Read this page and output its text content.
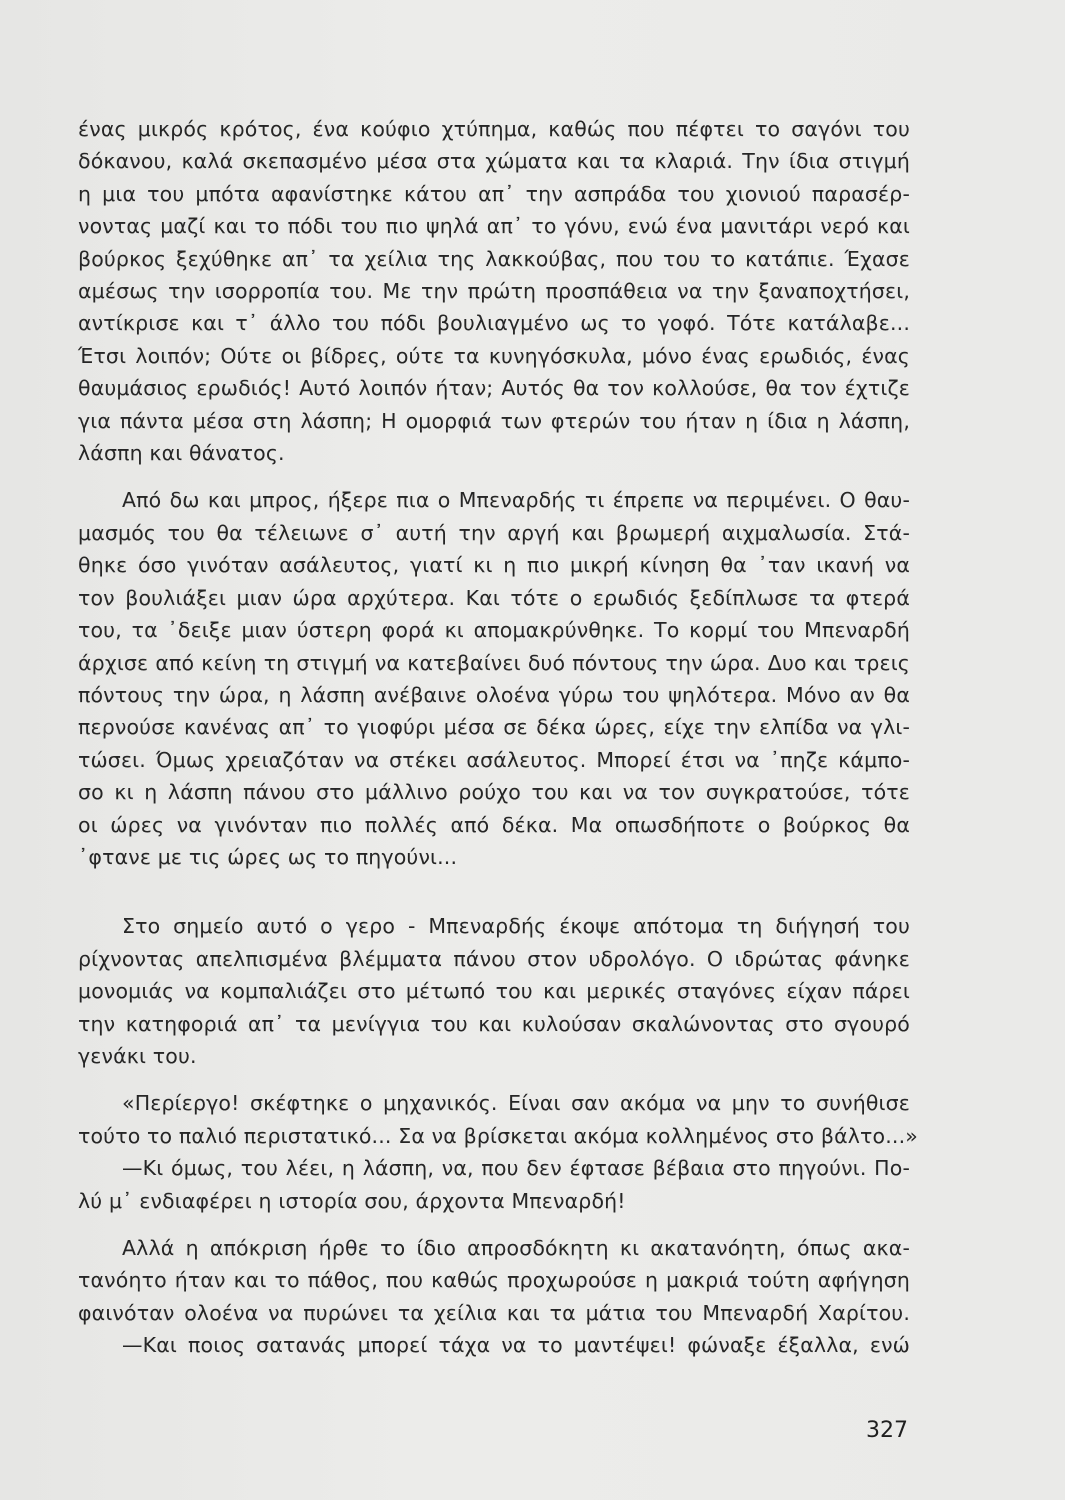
ένας μικρός κρότος, ένα κούφιο χτύπημα, καθώς που πέφτει το σαγόνι του
δόκανου, καλά σκεπασμένο μέσα στα χώματα και τα κλαριά. Την ίδια στιγμή
η μια του μπότα αφανίστηκε κάτου απ᾽ την ασπράδα του χιονιού παρασέρ-
νοντας μαζί και το πόδι του πιο ψηλά απ᾽ το γόνυ, ενώ ένα μανιτάρι νερό και
βούρκος ξεχύθηκε απ᾽ τα χείλια της λακκούβας, που του το κατάπιε. Έχασε
αμέσως την ισορροπία του. Με την πρώτη προσπάθεια να την ξαναποχτήσει,
αντίκρισε και τ᾽ άλλο του πόδι βουλιαγμένο ως το γοφό. Τότε κατάλαβε...
Έτσι λοιπόν; Ούτε οι βίδρες, ούτε τα κυνηγόσκυλα, μόνο ένας ερωδιός, ένας
θαυμάσιος ερωδιός! Αυτό λοιπόν ήταν; Αυτός θα τον κολλούσε, θα τον έχτιζε
για πάντα μέσα στη λάσπη; Η ομορφιά των φτερών του ήταν η ίδια η λάσπη,
λάσπη και θάνατος.

Από δω και μπρος, ήξερε πια ο Μπεναρδής τι έπρεπε να περιμένει. Ο θαυ-
μασμός του θα τέλειωνε σ᾽ αυτή την αργή και βρωμερή αιχμαλωσία. Στά-
θηκε όσο γινόταν ασάλευτος, γιατί κι η πιο μικρή κίνηση θα ᾽ταν ικανή να
τον βουλιάξει μιαν ώρα αρχύτερα. Και τότε ο ερωδιός ξεδίπλωσε τα φτερά
του, τα ᾽δειξε μιαν ύστερη φορά κι απομακρύνθηκε. Το κορμί του Μπεναρδή
άρχισε από κείνη τη στιγμή να κατεβαίνει δυό πόντους την ώρα. Δυο και τρεις
πόντους την ώρα, η λάσπη ανέβαινε ολοένα γύρω του ψηλότερα. Μόνο αν θα
περνούσε κανένας απ᾽ το γιοφύρι μέσα σε δέκα ώρες, είχε την ελπίδα να γλι-
τώσει. Όμως χρειαζόταν να στέκει ασάλευτος. Μπορεί έτσι να ᾽πηζε κάμπο-
σο κι η λάσπη πάνου στο μάλλινο ρούχο του και να τον συγκρατούσε, τότε
οι ώρες να γινόνταν πιο πολλές από δέκα. Μα οπωσδήποτε ο βούρκος θα
᾽φτανε με τις ώρες ως το πηγούνι...

Στο σημείο αυτό ο γερο - Μπεναρδής έκοψε απότομα τη διήγησή του
ρίχνοντας απελπισμένα βλέμματα πάνου στον υδρολόγο. Ο ιδρώτας φάνηκε
μονομιάς να κομπαλιάζει στο μέτωπό του και μερικές σταγόνες είχαν πάρει
την κατηφοριά απ᾽ τα μενίγγια του και κυλούσαν σκαλώνοντας στο σγουρό
γενάκι του.

«Περίεργο! σκέφτηκε ο μηχανικός. Είναι σαν ακόμα να μην το συνήθισε
τούτο το παλιό περιστατικό... Σα να βρίσκεται ακόμα κολλημένος στο βάλτο...»
—Κι όμως, του λέει, η λάσπη, να, που δεν έφτασε βέβαια στο πηγούνι. Πο-
λύ μ᾽ ενδιαφέρει η ιστορία σου, άρχοντα Μπεναρδή!

Αλλά η απόκριση ήρθε το ίδιο απροσδόκητη κι ακατανόητη, όπως ακα-
τανόητο ήταν και το πάθος, που καθώς προχωρούσε η μακριά τούτη αφήγηση
φαινόταν ολοένα να πυρώνει τα χείλια και τα μάτια του Μπεναρδή Χαρίτου.
—Και ποιος σατανάς μπορεί τάχα να το μαντέψει! φώναξε έξαλλα, ενώ

327
